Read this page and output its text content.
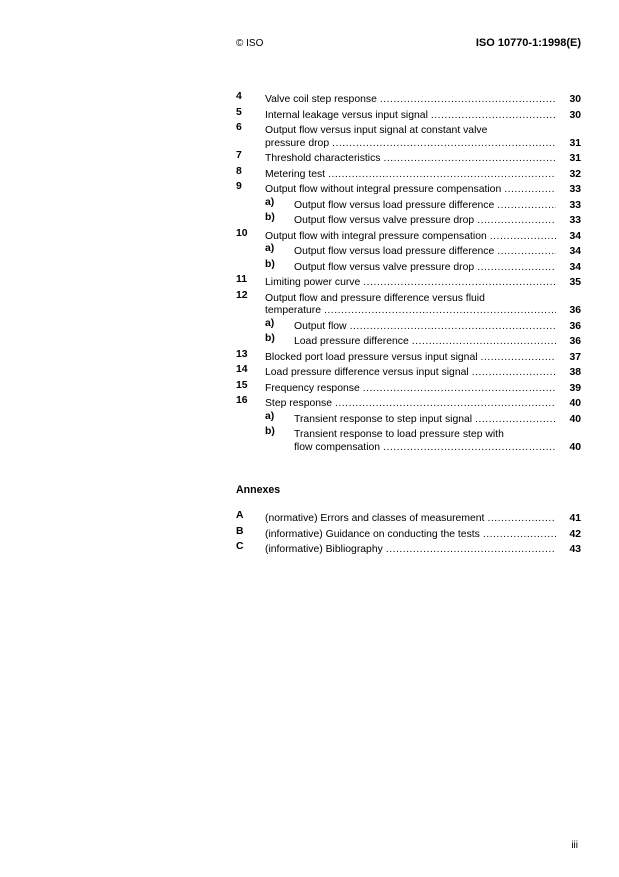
© ISO	ISO 10770-1:1998(E)
4	Valve coil step response .....	30
5	Internal leakage versus input signal .....	30
6	Output flow versus input signal at constant valve
pressure drop .....	31
7	Threshold characteristics .....	31
8	Metering test .....	32
9	Output flow without integral pressure compensation .....	33
a)	Output flow versus load pressure difference .....	33
b)	Output flow versus valve pressure drop .....	33
10	Output flow with integral pressure compensation .....	34
a)	Output flow versus load pressure difference .....	34
b)	Output flow versus valve pressure drop .....	34
11	Limiting power curve .....	35
12	Output flow and pressure difference versus fluid
temperature .....	36
a)	Output flow .....	36
b)	Load pressure difference .....	36
13	Blocked port load pressure versus input signal .....	37
14	Load pressure difference versus input signal .....	38
15	Frequency response .....	39
16	Step response .....	40
a)	Transient response to step input signal .....	40
b)	Transient response to load pressure step with
flow compensation .....	40
Annexes
A	(normative) Errors and classes of measurement .....	41
B	(informative) Guidance on conducting the tests .....	42
C	(informative) Bibliography .....	43
iii
